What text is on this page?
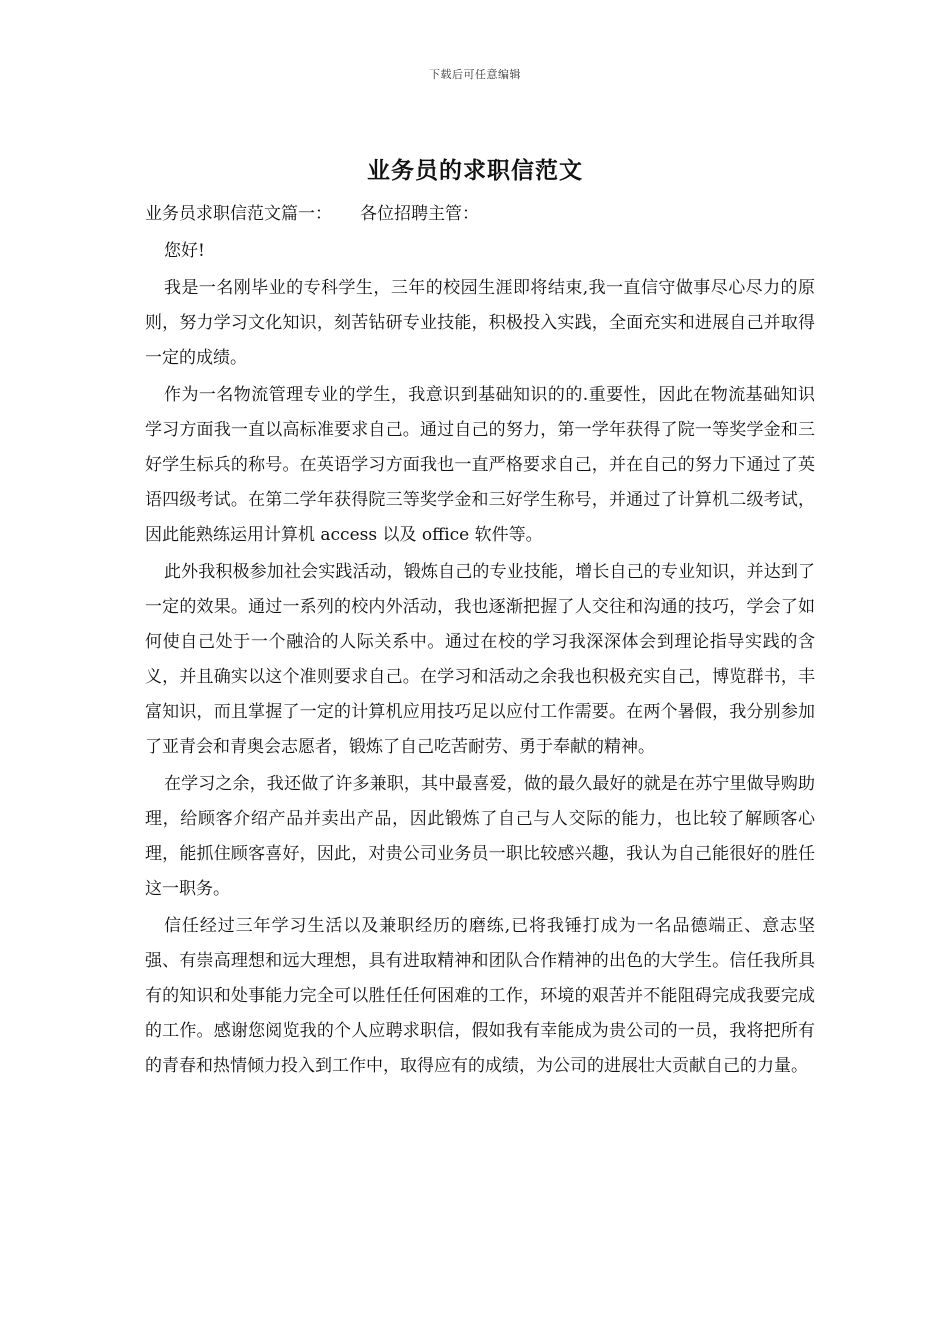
下载后可任意编辑
业务员的求职信范文

业务员求职信范文篇一： 各位招聘主管：

您好!

我是一名刚毕业的专科学生，三年的校园生涯即将结束,我一直信守做事尽心尽力的原则，努力学习文化知识，刻苦钻研专业技能，积极投入实践，全面充实和进展自己并取得一定的成绩。

作为一名物流管理专业的学生，我意识到基础知识的的.重要性，因此在物流基础知识学习方面我一直以高标准要求自己。通过自己的努力，第一学年获得了院一等奖学金和三好学生标兵的称号。在英语学习方面我也一直严格要求自己，并在自己的努力下通过了英语四级考试。在第二学年获得院三等奖学金和三好学生称号，并通过了计算机二级考试，因此能熟练运用计算机 access 以及 office 软件等。

此外我积极参加社会实践活动，锻炼自己的专业技能，增长自己的专业知识，并达到了一定的效果。通过一系列的校内外活动，我也逐渐把握了人交往和沟通的技巧，学会了如何使自己处于一个融洽的人际关系中。通过在校的学习我深深体会到理论指导实践的含义，并且确实以这个准则要求自己。在学习和活动之余我也积极充实自己，博览群书，丰富知识，而且掌握了一定的计算机应用技巧足以应付工作需要。在两个暑假，我分别参加了亚青会和青奥会志愿者，锻炼了自己吃苦耐劳、勇于奉献的精神。

在学习之余，我还做了许多兼职，其中最喜爱，做的最久最好的就是在苏宁里做导购助理，给顾客介绍产品并卖出产品，因此锻炼了自己与人交际的能力，也比较了解顾客心理，能抓住顾客喜好，因此，对贵公司业务员一职比较感兴趣，我认为自己能很好的胜任这一职务。

信任经过三年学习生活以及兼职经历的磨练,已将我锤打成为一名品德端正、意志坚强、有崇高理想和远大理想，具有进取精神和团队合作精神的出色的大学生。信任我所具有的知识和处事能力完全可以胜任任何困难的工作，环境的艰苦并不能阻碍完成我要完成的工作。感谢您阅览我的个人应聘求职信，假如我有幸能成为贵公司的一员，我将把所有的青春和热情倾力投入到工作中，取得应有的成绩，为公司的进展壮大贡献自己的力量。
